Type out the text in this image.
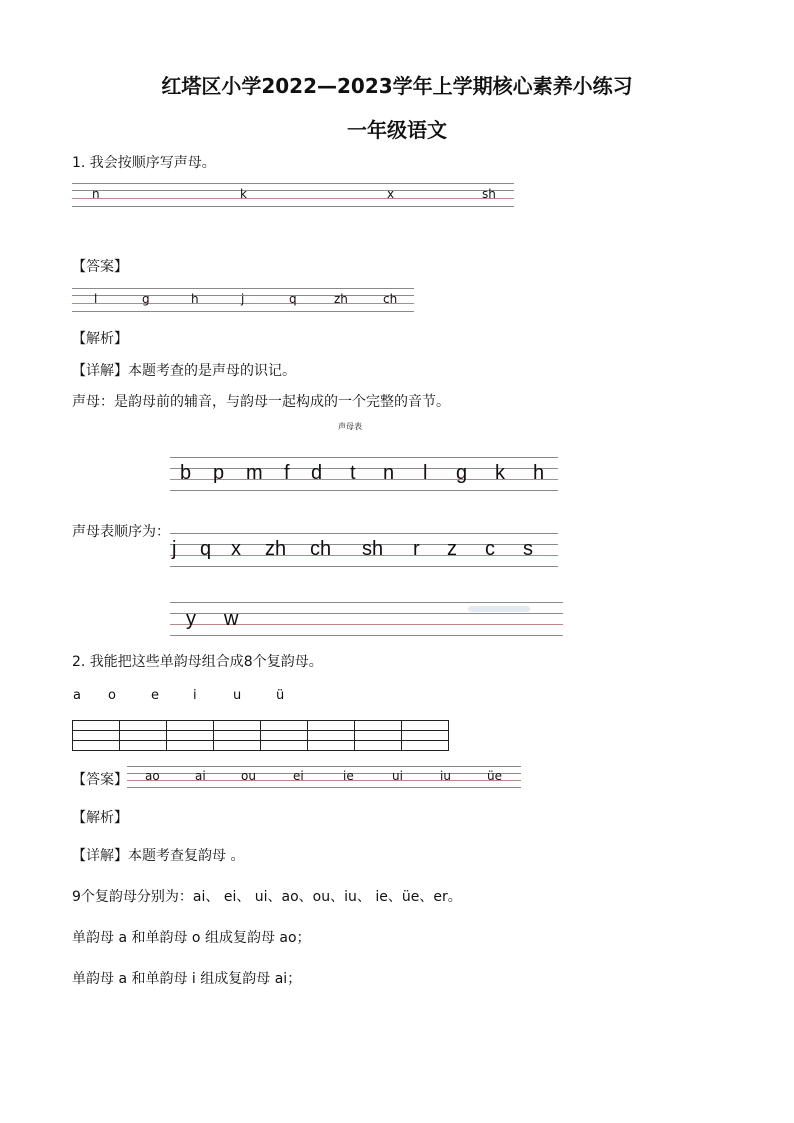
红塔区小学2022—2023学年上学期核心素养小练习
一年级语文
1. 我会按顺序写声母。
n	k	x	sh
【答案】
l	g	h	j	q	zh	ch
【解析】
【详解】本题考查的是声母的识记。
声母：是韵母前的辅音，与韵母一起构成的一个完整的音节。
声母表
b p m f d t n l g k h
声母表顺序为：
j q x zh ch sh r z c s
y w
2. 我能把这些单韵母组合成8个复韵母。
a o	e	i	u	ü

【答案】 ao	ai	ou	ei	ie	ui	iu	üe
【解析】
【详解】本题考查复韵母 。
9个复韵母分别为：ai、 ei、 ui、ao、ou、iu、 ie、üe、er。
单韵母 a 和单韵母 o 组成复韵母 ao；
单韵母 a 和单韵母 i 组成复韵母 ai；
